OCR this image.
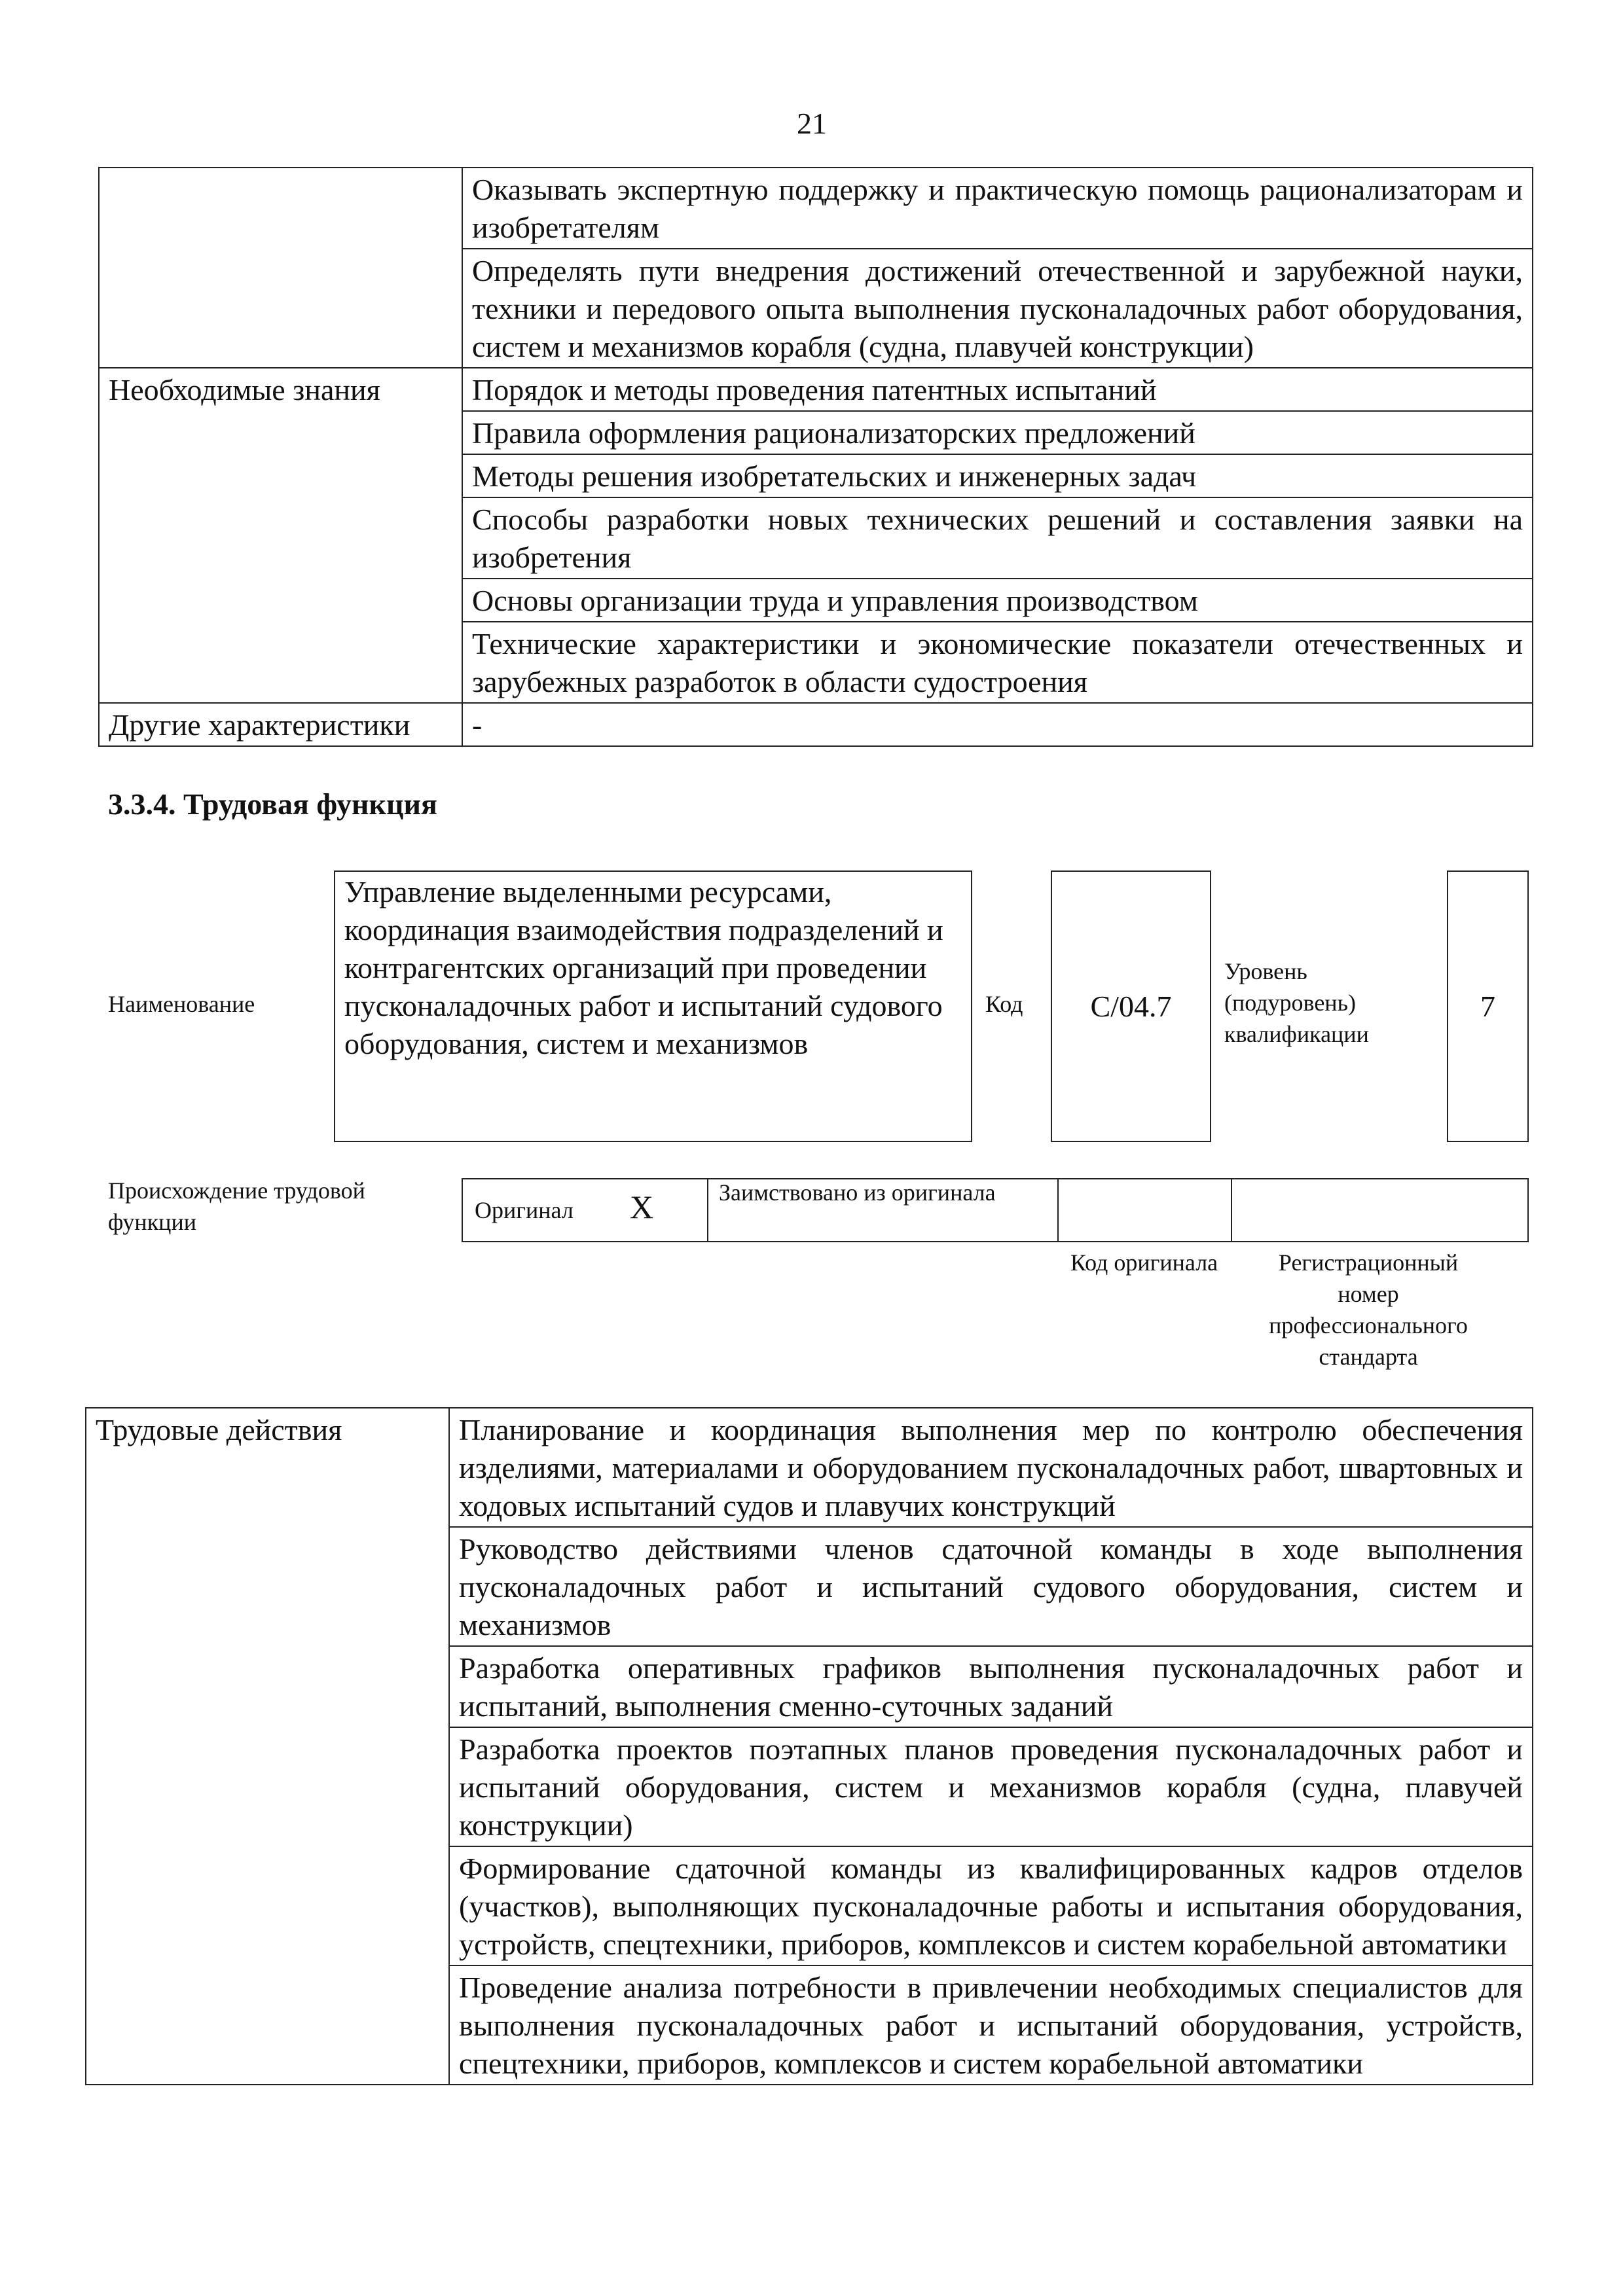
21
	Оказывать экспертную поддержку и практическую помощь рационализаторам и изобретателям
	Определять пути внедрения достижений отечественной и зарубежной науки, техники и передового опыта выполнения пусконаладочных работ оборудования, систем и механизмов корабля (судна, плавучей конструкции)
Необходимые знания	Порядок и методы проведения патентных испытаний
	Правила оформления рационализаторских предложений
	Методы решения изобретательских и инженерных задач
	Способы разработки новых технических решений и составления заявки на изобретения
	Основы организации труда и управления производством
	Технические характеристики и экономические показатели отечественных и зарубежных разработок в области судостроения
Другие характеристики	-
3.3.4. Трудовая функция
Наименование
Управление выделенными ресурсами, координация взаимодействия подразделений и контрагентских организаций при проведении пусконаладочных работ и испытаний судового оборудования, систем и механизмов
Код C/04.7
Уровень (подуровень) квалификации
7
Происхождение трудовой функции	Оригинал X	Заимствовано из оригинала
Код оригинала	Регистрационный номер профессионального стандарта
Трудовые действия	Планирование и координация выполнения мер по контролю обеспечения изделиями, материалами и оборудованием пусконаладочных работ, швартовных и ходовых испытаний судов и плавучих конструкций
Руководство действиями членов сдаточной команды в ходе выполнения пусконаладочных работ и испытаний судового оборудования, систем и механизмов
Разработка оперативных графиков выполнения пусконаладочных работ и испытаний, выполнения сменно-суточных заданий
Разработка проектов поэтапных планов проведения пусконаладочных работ и испытаний оборудования, систем и механизмов корабля (судна, плавучей конструкции)
Формирование сдаточной команды из квалифицированных кадров отделов (участков), выполняющих пусконаладочные работы и испытания оборудования, устройств, спецтехники, приборов, комплексов и систем корабельной автоматики
Проведение анализа потребности в привлечении необходимых специалистов для выполнения пусконаладочных работ и испытаний оборудования, устройств, спецтехники, приборов, комплексов и систем корабельной автоматики
